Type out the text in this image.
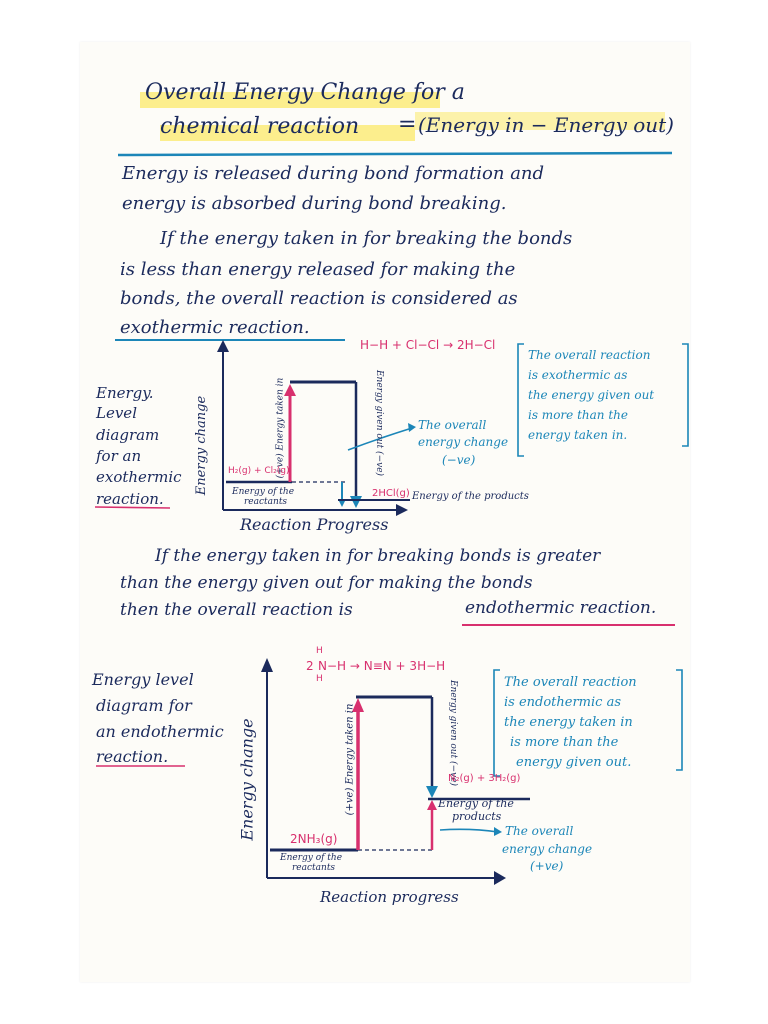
Overall Energy Change for a
chemical reaction = (Energy in − Energy out)
Energy is released during bond formation and
energy is absorbed during bond breaking.
If the energy taken in for breaking the bonds
is less than energy released for making the
bonds, the overall reaction is considered as
exothermic reaction.
H−H + Cl−Cl → 2H−Cl
Energy.
Level
diagram
for an
exothermic
reaction.
Energy change
Reaction Progress
(+ve) Energy taken in	Energy given out (−ve)
H₂(g) + Cl₂(g)
Energy of the
reactants
2HCl(g) Energy of the products
The overall
energy change
(−ve)
The overall reaction
is exothermic as
the energy given out
is more than the
energy taken in.
If the energy taken in for breaking bonds is greater
than the energy given out for making the bonds
then the overall reaction is	endothermic reaction.
H
2 N−H → N≡N + 3H−H
H
Energy level
diagram for
an endothermic
reaction.	Energy change
Reaction progress
(+ve) Energy taken in	Energy given out (−ve)
N₂(g) + 3H₂(g)
Energy of the
products
2NH₃(g)
Energy of the
reactants
The overall
energy change
(+ve)
The overall reaction
is endothermic as
the energy taken in
is more than the
energy given out.
